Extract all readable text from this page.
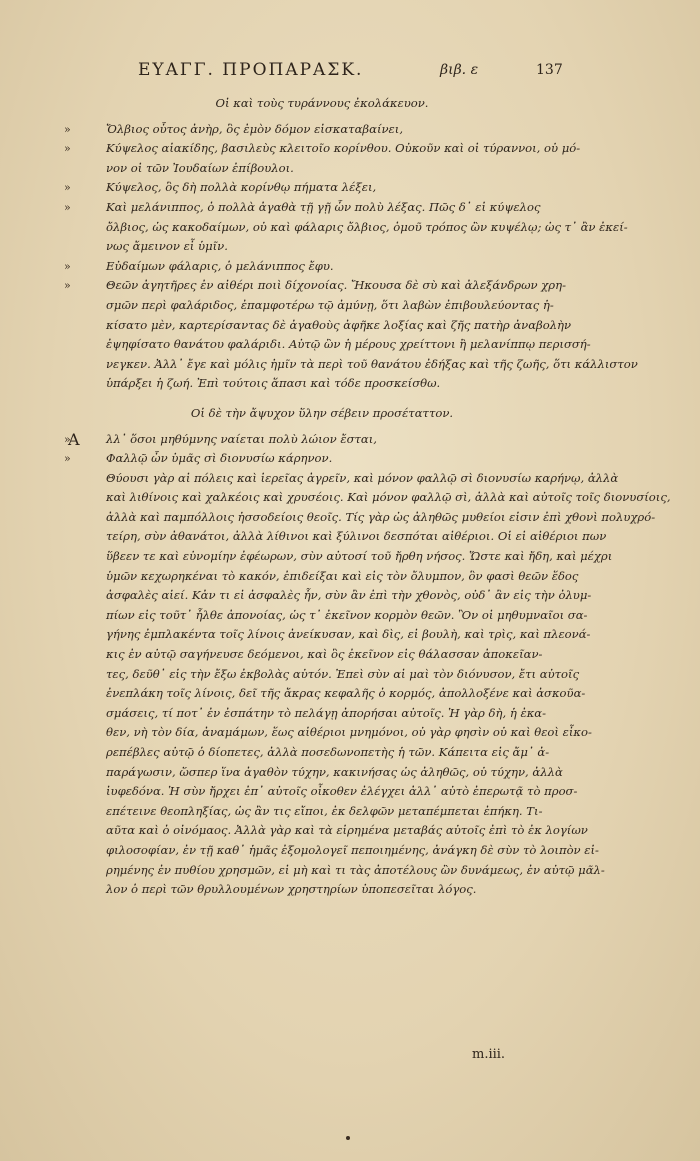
ΕΥΑΓΓ. ΠΡΟΠΑΡΑΣΚ.	βιβ. ε	137
Οἱ καὶ τοὺς τυράννους ἐκολάκευον.
» Ὄλβιος οὗτος ἀνὴρ, ὃς ἐμὸν δόμον εἰσκαταβαίνει,
» Κύψελος αἰακίδης, βασιλεὺς κλειτοῖο κορίνθου. Οὐκοῦν καὶ οἱ τύραννοι, οὐ μό-
νον οἱ τῶν Ἰουδαίων ἐπίβουλοι.
» Κύψελος, ὃς δὴ πολλὰ κορίνθῳ πήματα λέξει,
» Καὶ μελάνιππος, ὁ πολλὰ ἀγαθὰ τῇ γῇ ὧν πολὺ λέξας. Πῶς δ᾽ εἰ κύψελος
ὄλβιος, ὡς κακοδαίμων, οὐ καὶ φάλαρις ὄλβιος, ὁμοῦ τρόπος ὢν κυψέλῳ; ὡς τ᾽ ἂν ἐκεί-
νως ἄμεινον εἶ ὑμῖν.
» Εὐδαίμων φάλαρις, ὁ μελάνιππος ἔφυ.
» Θεῶν ἀγητῆρες ἐν αἰθέρι ποιὶ δίχονοίας. Ἤκουσα δὲ σὺ καὶ ἀλεξάνδρων χρη-
σμῶν περὶ φαλάριδος, ἐπαμφοτέρω τῷ ἀμύνῃ, ὅτι λαβὼν ἐπιβουλεύοντας ἠ-
κίσατο μὲν, καρτερίσαντας δὲ ἀγαθοὺς ἀφῆκε λοξίας καὶ ζῆς πατὴρ ἀναβολὴν
ἐψηφίσατο θανάτου φαλάριδι. Αὐτῷ ὢν ἡ μέρους χρείττονι ἢ μελανίππῳ περισσή-
νεγκεν. Ἀλλ᾽ ἔγε καὶ μόλις ἡμῖν τὰ περὶ τοῦ θανάτου ἐδήξας καὶ τῆς ζωῆς, ὅτι κάλλιστον
ὑπάρξει ἡ ζωή. Ἐπὶ τούτοις ἅπασι καὶ τόδε προσκείσθω.
Οἱ δὲ τὴν ἄψυχον ὕλην σέβειν προσέταττον.
» Α λλ᾽ ὅσοι μηθύμνης ναίεται πολὺ λώιον ἔσται,
» Φαλλῷ ὧν ὑμᾶς σὶ διονυσίω κάρηνον.
Θύουσι γὰρ αἱ πόλεις καὶ ἱερεῖας ἀγρεῖν, καὶ μόνον φαλλῷ σὶ διονυσίω καρήνῳ, ἀλλὰ
καὶ λιθίνοις καὶ χαλκέοις καὶ χρυσέοις. Καὶ μόνον φαλλῷ σὶ, ἀλλὰ καὶ αὐτοῖς τοῖς διονυσίοις,
ἀλλὰ καὶ παμπόλλοις ἠσσοδείοις θεοῖς. Τίς γὰρ ὡς ἀληθῶς μυθείοι εἰσιν ἐπὶ χθονὶ πολυχρό-
τείρη, σὺν ἀθανάτοι, ἀλλὰ λίθινοι καὶ ξύλινοι δεσπόται αἰθέριοι. Οἱ εἰ αἰθέριοι πων
ὕβεεν τε καὶ εὐνομίην ἐφέωρων, σὺν αὐτοσί τοῦ ἤρθη νήσος. Ὥστε καὶ ἤδη, καὶ μέχρι
ὑμῶν κεχωρηκέναι τὸ κακόν, ἐπιδείξαι καὶ εἰς τὸν ὄλυμπον, ὃν φασὶ θεῶν ἕδος
ἀσφαλὲς αἰεί. Κἀν τι εἰ ἀσφαλὲς ἦν, σὺν ἂν ἐπὶ τὴν χθονὸς, οὐδ᾽ ἂν εἰς τὴν ὀλυμ-
πίων εἰς τοῦτ᾽ ἦλθε ἀπονοίας, ὡς τ᾽ ἐκεῖνον κορμὸν θεῶν. Ὃν οἱ μηθυμναῖοι σα-
γήνης ἐμπλακέντα τοῖς λίνοις ἀνείκυσαν, καὶ δὶς, εἰ βουλὴ, καὶ τρὶς, καὶ πλεονά-
κις ἐν αὐτῷ σαγήνευσε δεόμενοι, καὶ ὃς ἐκεῖνον εἰς θάλασσαν ἀποκεῖαν-
τες, δεῦθ᾽ εἰς τὴν ἔξω ἐκβολὰς αὐτόν. Ἐπεὶ σὺν αἱ μαὶ τὸν διόνυσον, ἔτι αὐτοῖς
ἐνεπλάκη τοῖς λίνοις, δεῖ τῆς ἄκρας κεφαλῆς ὁ κορμός, ἀπολλοξένε καὶ ἀσκοῦα-
σμάσεις, τί ποτ᾽ ἐν ἐσπάτην τὸ πελάγῃ ἀπορήσαι αὐτοῖς. Ἡ γὰρ δὴ, ἡ ἐκα-
θεν, νὴ τὸν δία, ἀναμάμων, ἕως αἰθέριοι μνημόνοι, οὐ γὰρ φησὶν οὐ καὶ θεοὶ εἶκο-
ρεπέβλες αὐτῷ ὁ δίοπετες, ἀλλὰ ποσεδωνοπετὴς ἡ τῶν. Κάπειτα εἰς ἄμ᾽ ἀ-
παράγωσιν, ὥσπερ ἵνα ἀγαθὸν τύχην, κακινήσας ὡς ἀληθῶς, οὐ τύχην, ἀλλὰ
ἰυφεδόνα. Ἡ σὺν ἤρχει ἐπ᾽ αὐτοῖς οἶκοθεν ἐλέγχει ἀλλ᾽ αὐτὸ ἐπερωτᾷ τὸ προσ-
επέτεινε θεοπληξίας, ὡς ἂν τις εἴποι, ἐκ δελφῶν μεταπέμπεται ἐπήκη. Τι-
αῦτα καὶ ὁ οἰνόμαος. Ἀλλὰ γὰρ καὶ τὰ εἰρημένα μεταβάς αὐτοῖς ἐπὶ τὸ ἐκ λογίων
φιλοσοφίαν, ἐν τῇ καθ᾽ ἡμᾶς ἐξομολογεῖ πεποιημένης, ἀνάγκη δὲ σὺν τὸ λοιπὸν εἰ-
ρημένης ἐν πυθίου χρησμῶν, εἰ μὴ καὶ τι τὰς ἀποτέλους ὢν δυνάμεως, ἐν αὐτῷ μᾶλ-
λον ὁ περὶ τῶν θρυλλουμένων χρηστηρίων ὑποπεσεῖται λόγος.
m.iii.
